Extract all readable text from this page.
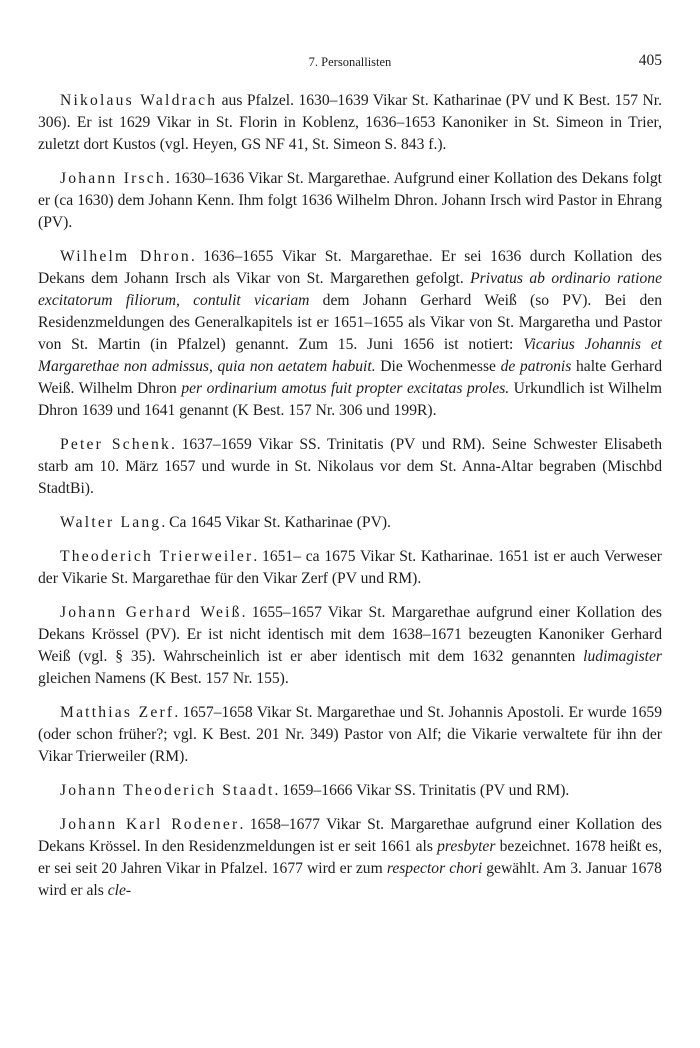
7. Personallisten	405

Nikolaus Waldrach aus Pfalzel. 1630–1639 Vikar St. Katharinae (PV und K Best. 157 Nr. 306). Er ist 1629 Vikar in St. Florin in Koblenz, 1636–1653 Kanoniker in St. Simeon in Trier, zuletzt dort Kustos (vgl. Heyen, GS NF 41, St. Simeon S. 843 f.).

Johann Irsch. 1630–1636 Vikar St. Margarethae. Aufgrund einer Kollation des Dekans folgt er (ca 1630) dem Johann Kenn. Ihm folgt 1636 Wilhelm Dhron. Johann Irsch wird Pastor in Ehrang (PV).

Wilhelm Dhron. 1636–1655 Vikar St. Margarethae. Er sei 1636 durch Kollation des Dekans dem Johann Irsch als Vikar von St. Margarethen gefolgt. Privatus ab ordinario ratione excitatorum filiorum, contulit vicariam dem Johann Gerhard Weiß (so PV). Bei den Residenzmeldungen des Generalkapitels ist er 1651–1655 als Vikar von St. Margaretha und Pastor von St. Martin (in Pfalzel) genannt. Zum 15. Juni 1656 ist notiert: Vicarius Johannis et Margarethae non admissus, quia non aetatem habuit. Die Wochenmesse de patronis halte Gerhard Weiß. Wilhelm Dhron per ordinarium amotus fuit propter excitatas proles. Urkundlich ist Wilhelm Dhron 1639 und 1641 genannt (K Best. 157 Nr. 306 und 199R).

Peter Schenk. 1637–1659 Vikar SS. Trinitatis (PV und RM). Seine Schwester Elisabeth starb am 10. März 1657 und wurde in St. Nikolaus vor dem St. Anna-Altar begraben (Mischbd StadtBi).

Walter Lang. Ca 1645 Vikar St. Katharinae (PV).

Theoderich Trierweiler. 1651– ca 1675 Vikar St. Katharinae. 1651 ist er auch Verweser der Vikarie St. Margarethae für den Vikar Zerf (PV und RM).

Johann Gerhard Weiß. 1655–1657 Vikar St. Margarethae aufgrund einer Kollation des Dekans Krössel (PV). Er ist nicht identisch mit dem 1638–1671 bezeugten Kanoniker Gerhard Weiß (vgl. § 35). Wahrscheinlich ist er aber identisch mit dem 1632 genannten ludimagister gleichen Namens (K Best. 157 Nr. 155).

Matthias Zerf. 1657–1658 Vikar St. Margarethae und St. Johannis Apostoli. Er wurde 1659 (oder schon früher?; vgl. K Best. 201 Nr. 349) Pastor von Alf; die Vikarie verwaltete für ihn der Vikar Trierweiler (RM).

Johann Theoderich Staadt. 1659–1666 Vikar SS. Trinitatis (PV und RM).

Johann Karl Rodener. 1658–1677 Vikar St. Margarethae aufgrund einer Kollation des Dekans Krössel. In den Residenzmeldungen ist er seit 1661 als presbyter bezeichnet. 1678 heißt es, er sei seit 20 Jahren Vikar in Pfalzel. 1677 wird er zum respector chori gewählt. Am 3. Januar 1678 wird er als cle-
